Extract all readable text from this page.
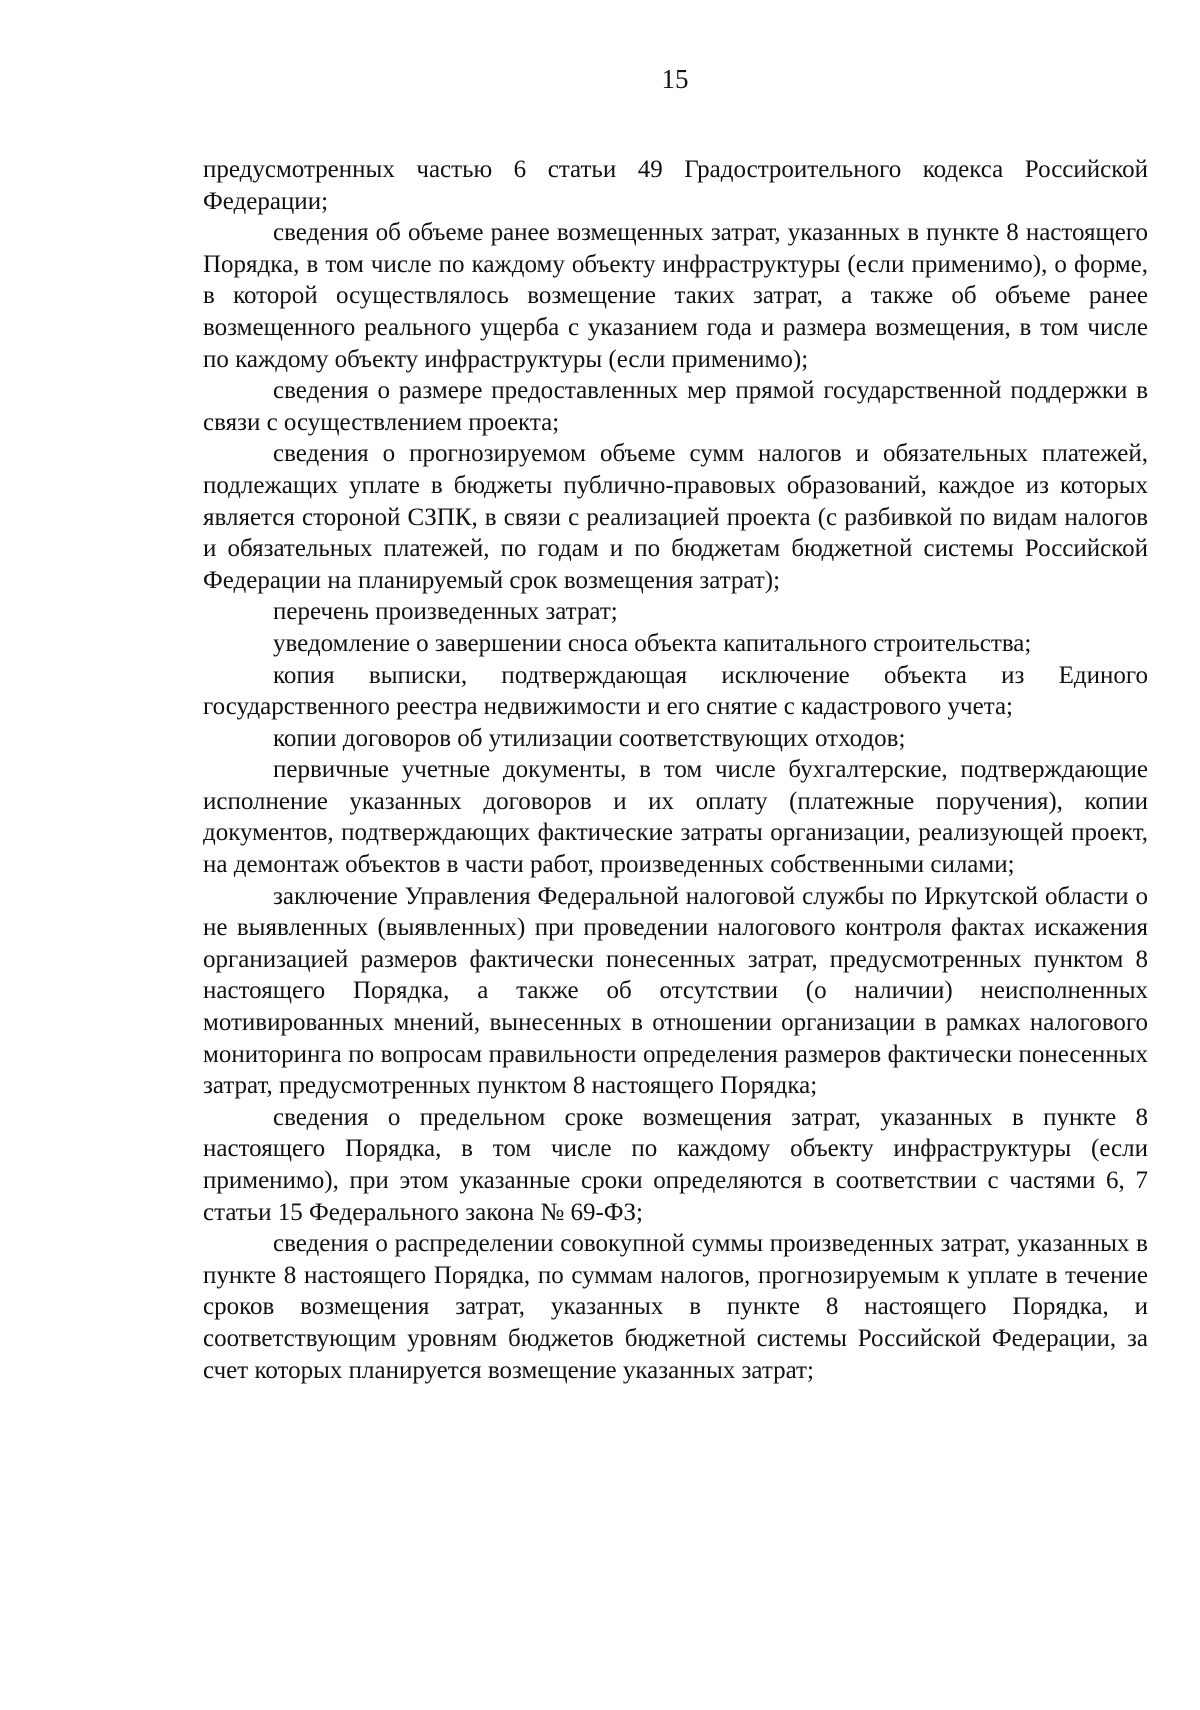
15

предусмотренных частью 6 статьи 49 Градостроительного кодекса Российской Федерации;

сведения об объеме ранее возмещенных затрат, указанных в пункте 8 настоящего Порядка, в том числе по каждому объекту инфраструктуры (если применимо), о форме, в которой осуществлялось возмещение таких затрат, а также об объеме ранее возмещенного реального ущерба с указанием года и размера возмещения, в том числе по каждому объекту инфраструктуры (если применимо);

сведения о размере предоставленных мер прямой государственной поддержки в связи с осуществлением проекта;

сведения о прогнозируемом объеме сумм налогов и обязательных платежей, подлежащих уплате в бюджеты публично-правовых образований, каждое из которых является стороной СЗПК, в связи с реализацией проекта (с разбивкой по видам налогов и обязательных платежей, по годам и по бюджетам бюджетной системы Российской Федерации на планируемый срок возмещения затрат);

перечень произведенных затрат;

уведомление о завершении сноса объекта капитального строительства;

копия выписки, подтверждающая исключение объекта из Единого государственного реестра недвижимости и его снятие с кадастрового учета;

копии договоров об утилизации соответствующих отходов;

первичные учетные документы, в том числе бухгалтерские, подтверждающие исполнение указанных договоров и их оплату (платежные поручения), копии документов, подтверждающих фактические затраты организации, реализующей проект, на демонтаж объектов в части работ, произведенных собственными силами;

заключение Управления Федеральной налоговой службы по Иркутской области о не выявленных (выявленных) при проведении налогового контроля фактах искажения организацией размеров фактически понесенных затрат, предусмотренных пунктом 8 настоящего Порядка, а также об отсутствии (о наличии) неисполненных мотивированных мнений, вынесенных в отношении организации в рамках налогового мониторинга по вопросам правильности определения размеров фактически понесенных затрат, предусмотренных пунктом 8 настоящего Порядка;

сведения о предельном сроке возмещения затрат, указанных в пункте 8 настоящего Порядка, в том числе по каждому объекту инфраструктуры (если применимо), при этом указанные сроки определяются в соответствии с частями 6, 7 статьи 15 Федерального закона № 69-ФЗ;

сведения о распределении совокупной суммы произведенных затрат, указанных в пункте 8 настоящего Порядка, по суммам налогов, прогнозируемым к уплате в течение сроков возмещения затрат, указанных в пункте 8 настоящего Порядка, и соответствующим уровням бюджетов бюджетной системы Российской Федерации, за счет которых планируется возмещение указанных затрат;
